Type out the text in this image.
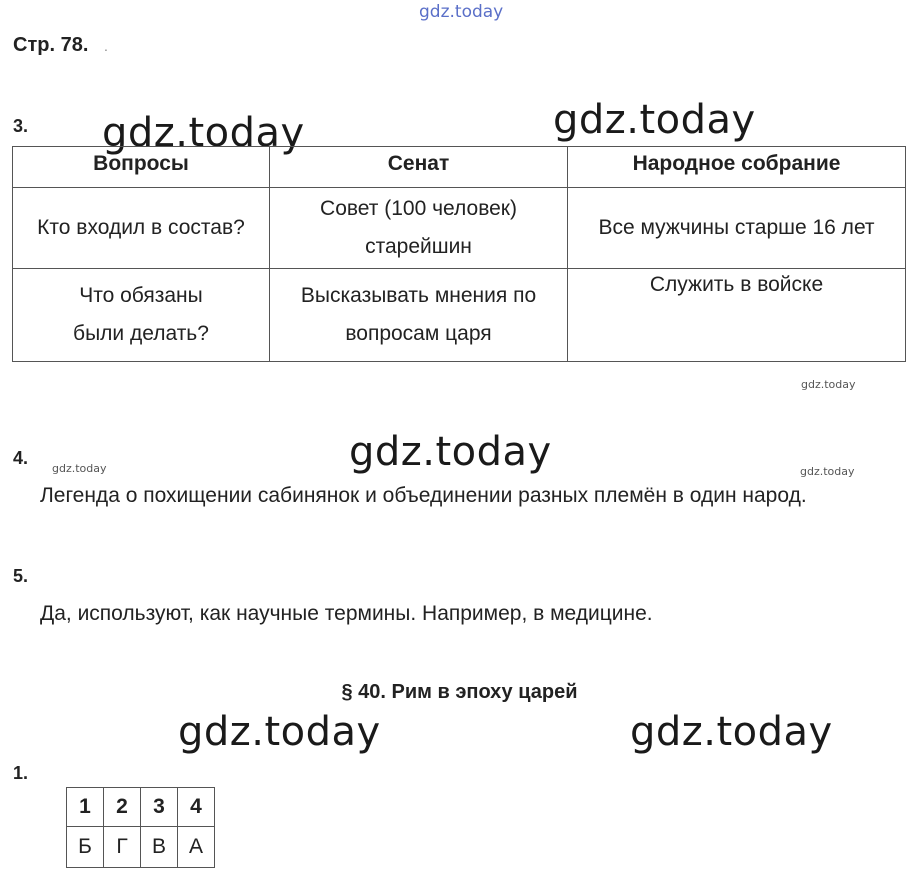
gdz.today
gdz.today	gdz.today
gdz.today
gdz.today
gdz.today	gdz.today
gdz.today	gdz.today
Стр. 78. .
3.
Вопросы	Сенат	Народное собрание
Кто входил в состав?	Совет (100 человек) старейшин	Все мужчины старше 16 лет
Что обязаны были делать?	Высказывать мнения по вопросам царя	Служить в войске
4.
Легенда о похищении сабинянок и объединении разных племён в один народ.
5.
Да, используют, как научные термины. Например, в медицине.
§ 40. Рим в эпоху царей
1.
1	2	3	4
Б	Г	В	А
